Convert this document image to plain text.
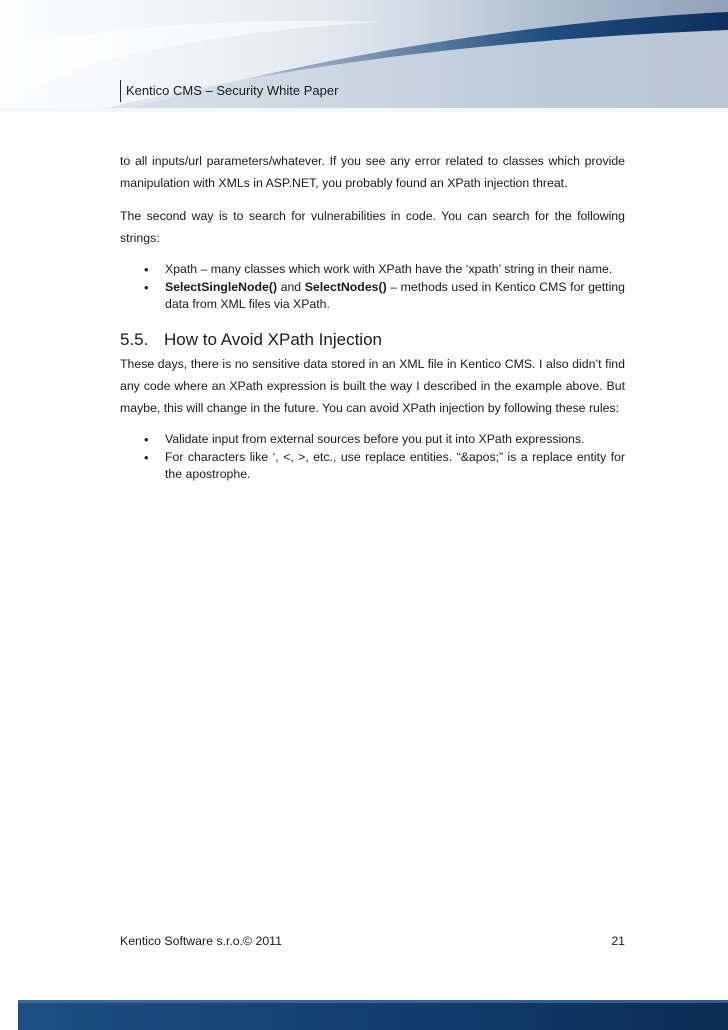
Kentico CMS – Security White Paper

to all inputs/url parameters/whatever. If you see any error related to classes which provide manipulation with XMLs in ASP.NET, you probably found an XPath injection threat.

The second way is to search for vulnerabilities in code. You can search for the following strings:

• Xpath – many classes which work with XPath have the ‘xpath’ string in their name.
• SelectSingleNode() and SelectNodes() – methods used in Kentico CMS for getting data from XML files via XPath.
5.5. How to Avoid XPath Injection

These days, there is no sensitive data stored in an XML file in Kentico CMS. I also didn’t find any code where an XPath expression is built the way I described in the example above. But maybe, this will change in the future. You can avoid XPath injection by following these rules:

• Validate input from external sources before you put it into XPath expressions.
• For characters like ‘, <, >, etc., use replace entities. “&apos;” is a replace entity for the apostrophe.
Kentico Software s.r.o.© 2011	21
